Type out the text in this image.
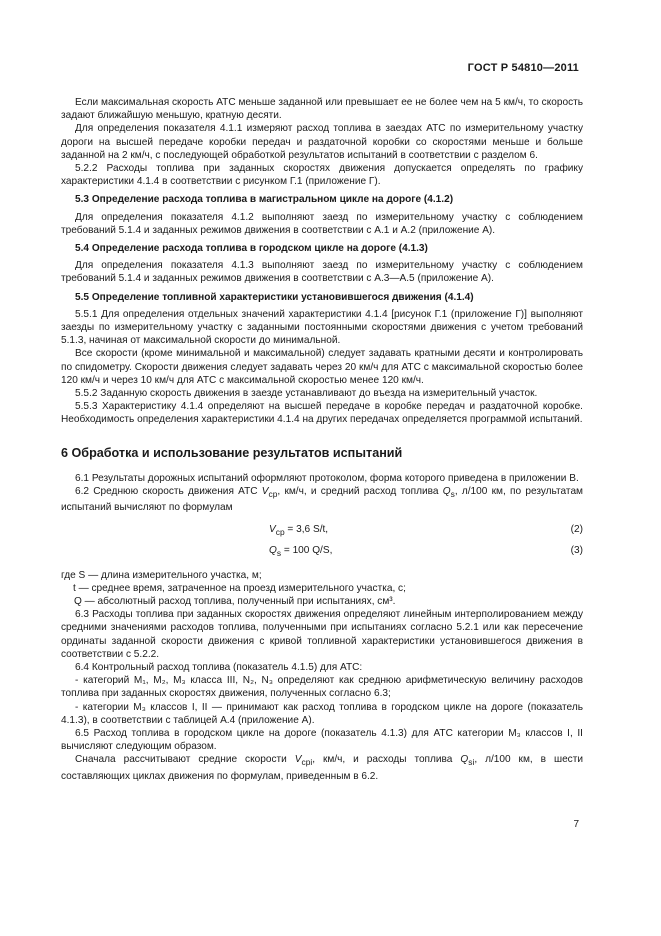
ГОСТ Р 54810—2011

Если максимальная скорость АТС меньше заданной или превышает ее не более чем на 5 км/ч, то скорость задают ближайшую меньшую, кратную десяти.

Для определения показателя 4.1.1 измеряют расход топлива в заездах АТС по измерительному участку дороги на высшей передаче коробки передач и раздаточной коробки со скоростями меньше и больше заданной на 2 км/ч, с последующей обработкой результатов испытаний в соответствии с разделом 6.

5.2.2 Расходы топлива при заданных скоростях движения допускается определять по графику характеристики 4.1.4 в соответствии с рисунком Г.1 (приложение Г).

5.3 Определение расхода топлива в магистральном цикле на дороге (4.1.2)

Для определения показателя 4.1.2 выполняют заезд по измерительному участку с соблюдением требований 5.1.4 и заданных режимов движения в соответствии с А.1 и А.2 (приложение А).

5.4 Определение расхода топлива в городском цикле на дороге (4.1.3)

Для определения показателя 4.1.3 выполняют заезд по измерительному участку с соблюдением требований 5.1.4 и заданных режимов движения в соответствии с А.3—А.5 (приложение А).

5.5 Определение топливной характеристики установившегося движения (4.1.4)

5.5.1 Для определения отдельных значений характеристики 4.1.4 [рисунок Г.1 (приложение Г)] выполняют заезды по измерительному участку с заданными постоянными скоростями движения с учетом требований 5.1.3, начиная от максимальной скорости до минимальной.

Все скорости (кроме минимальной и максимальной) следует задавать кратными десяти и контролировать по спидометру. Скорости движения следует задавать через 20 км/ч для АТС с максимальной скоростью более 120 км/ч и через 10 км/ч для АТС с максимальной скоростью менее 120 км/ч.

5.5.2 Заданную скорость движения в заезде устанавливают до въезда на измерительный участок.

5.5.3 Характеристику 4.1.4 определяют на высшей передаче в коробке передач и раздаточной коробке. Необходимость определения характеристики 4.1.4 на других передачах определяется программой испытаний.

6 Обработка и использование результатов испытаний

6.1 Результаты дорожных испытаний оформляют протоколом, форма которого приведена в приложении В.

6.2 Среднюю скорость движения АТС $V_{ср}$, км/ч, и средний расход топлива $Q_s$, л/100 км, по результатам испытаний вычисляют по формулам

$V_{ср} = 3,6$ S/t,	(2)
$Q_s = 100$ Q/S,	(3)

где S — длина измерительного участка, м;

t — среднее время, затраченное на проезд измерительного участка, с;

Q — абсолютный расход топлива, полученный при испытаниях, см³.

6.3 Расходы топлива при заданных скоростях движения определяют линейным интерполированием между средними значениями расходов топлива, полученными при испытаниях согласно 5.2.1 или как пересечение ординаты заданной скорости движения с кривой топливной характеристики установившегося движения в соответствии с 5.2.2.

6.4 Контрольный расход топлива (показатель 4.1.5) для АТС:

- категорий М₁, М₂, М₃ класса III, N₂, N₃ определяют как среднюю арифметическую величину расходов топлива при заданных скоростях движения, полученных согласно 6.3;

- категории М₃ классов I, II — принимают как расход топлива в городском цикле на дороге (показатель 4.1.3), в соответствии с таблицей А.4 (приложение А).

6.5 Расход топлива в городском цикле на дороге (показатель 4.1.3) для АТС категории М₃ классов I, II вычисляют следующим образом.

Сначала рассчитывают средние скорости $V_{срi}$, км/ч, и расходы топлива $Q_{si}$, л/100 км, в шести составляющих циклах движения по формулам, приведенным в 6.2.

7
